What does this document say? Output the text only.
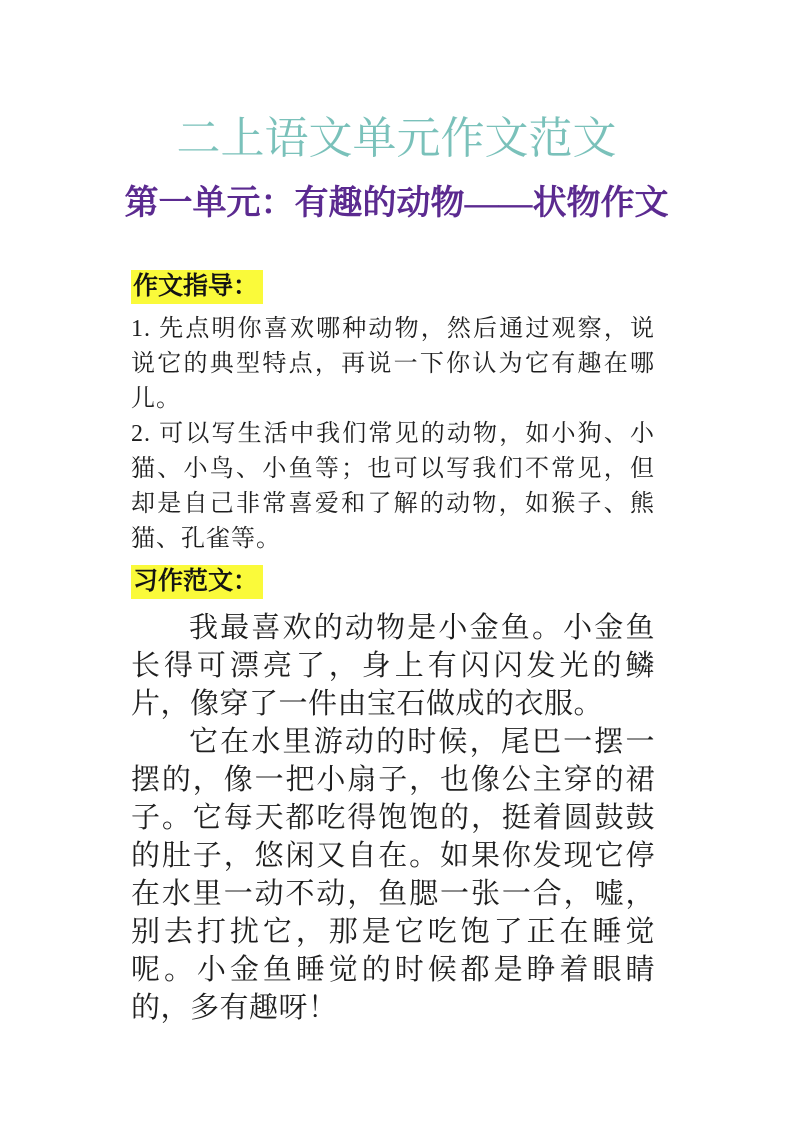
二上语文单元作文范文
第一单元：有趣的动物——状物作文
作文指导：

1. 先点明你喜欢哪种动物，然后通过观察，说说它的典型特点，再说一下你认为它有趣在哪儿。

2. 可以写生活中我们常见的动物，如小狗、小猫、小鸟、小鱼等；也可以写我们不常见，但却是自己非常喜爱和了解的动物，如猴子、熊猫、孔雀等。

习作范文：

我最喜欢的动物是小金鱼。小金鱼长得可漂亮了，身上有闪闪发光的鳞片，像穿了一件由宝石做成的衣服。

它在水里游动的时候，尾巴一摆一摆的，像一把小扇子，也像公主穿的裙子。它每天都吃得饱饱的，挺着圆鼓鼓的肚子，悠闲又自在。如果你发现它停在水里一动不动，鱼腮一张一合，嘘，别去打扰它，那是它吃饱了正在睡觉呢。小金鱼睡觉的时候都是睁着眼睛的，多有趣呀！
